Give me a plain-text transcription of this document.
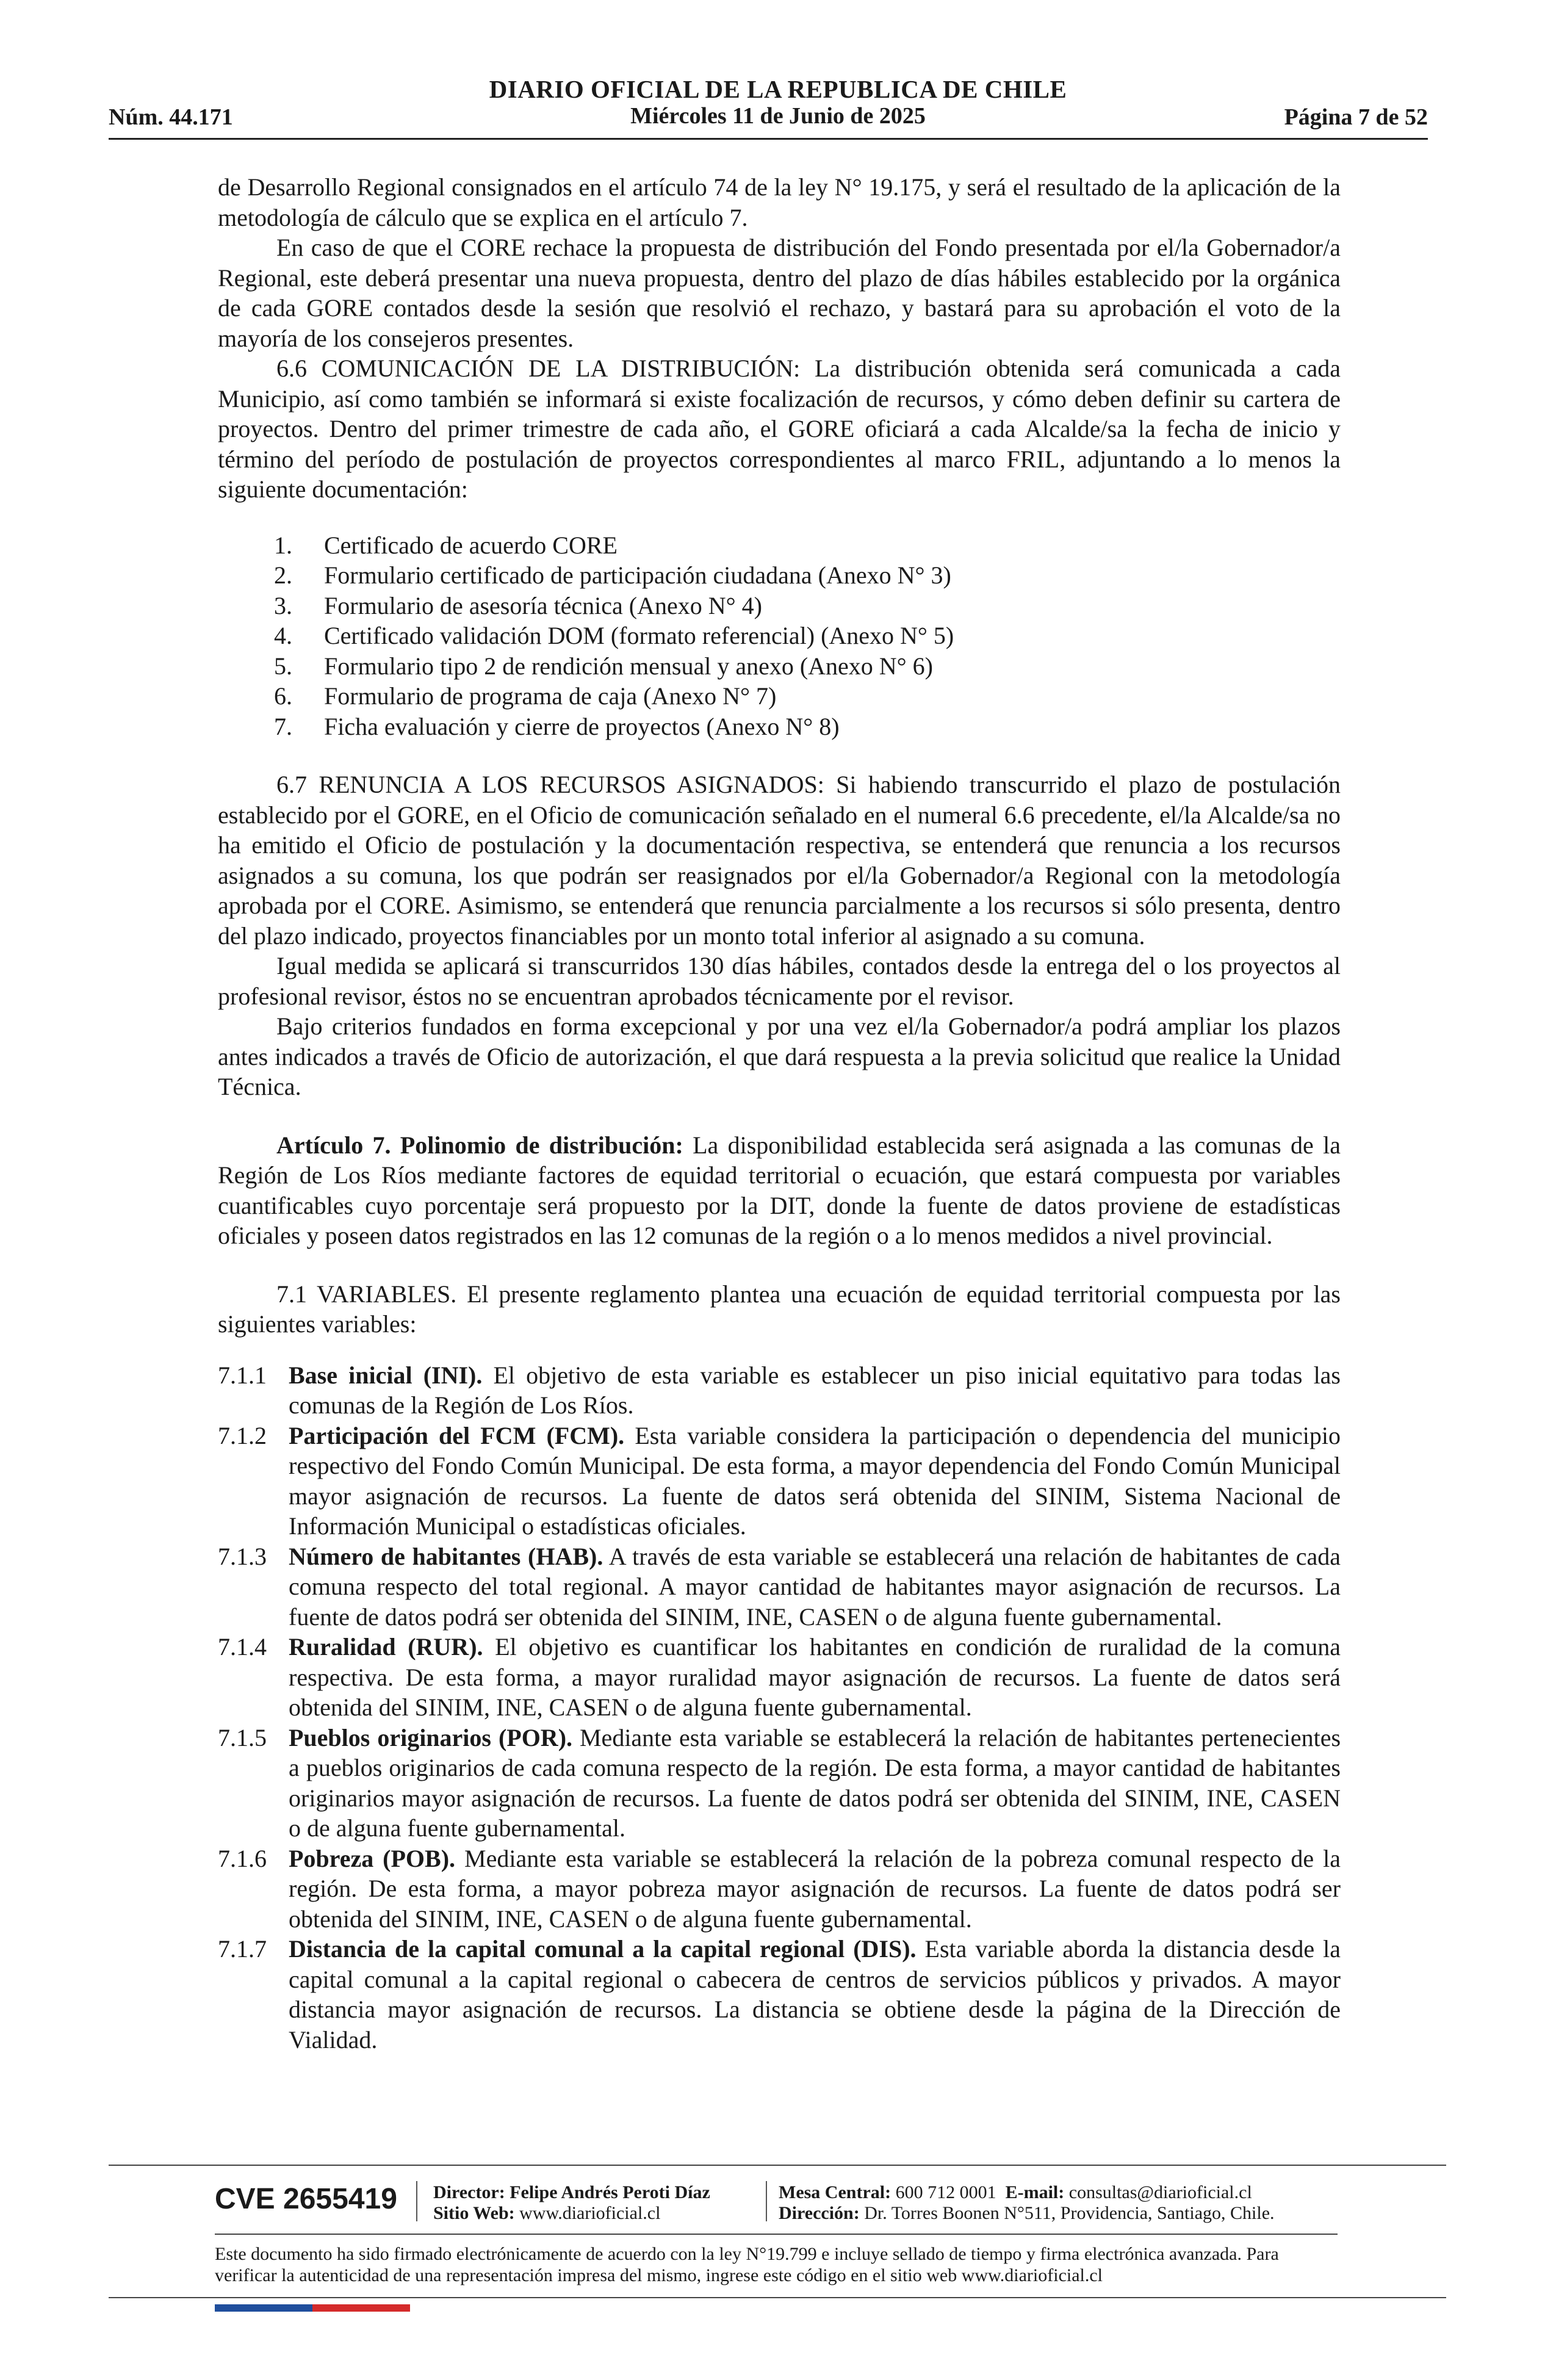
DIARIO OFICIAL DE LA REPUBLICA DE CHILE
Núm. 44.171	Miércoles 11 de Junio de 2025	Página 7 de 52

de Desarrollo Regional consignados en el artículo 74 de la ley N° 19.175, y será el resultado de la aplicación de la metodología de cálculo que se explica en el artículo 7.

En caso de que el CORE rechace la propuesta de distribución del Fondo presentada por el/la Gobernador/a Regional, este deberá presentar una nueva propuesta, dentro del plazo de días hábiles establecido por la orgánica de cada GORE contados desde la sesión que resolvió el rechazo, y bastará para su aprobación el voto de la mayoría de los consejeros presentes.

6.6 COMUNICACIÓN DE LA DISTRIBUCIÓN: La distribución obtenida será comunicada a cada Municipio, así como también se informará si existe focalización de recursos, y cómo deben definir su cartera de proyectos. Dentro del primer trimestre de cada año, el GORE oficiará a cada Alcalde/sa la fecha de inicio y término del período de postulación de proyectos correspondientes al marco FRIL, adjuntando a lo menos la siguiente documentación:

1.	Certificado de acuerdo CORE
2.	Formulario certificado de participación ciudadana (Anexo N° 3)
3.	Formulario de asesoría técnica (Anexo N° 4)
4.	Certificado validación DOM (formato referencial) (Anexo N° 5)
5.	Formulario tipo 2 de rendición mensual y anexo (Anexo N° 6)
6.	Formulario de programa de caja (Anexo N° 7)
7.	Ficha evaluación y cierre de proyectos (Anexo N° 8)

6.7 RENUNCIA A LOS RECURSOS ASIGNADOS: Si habiendo transcurrido el plazo de postulación establecido por el GORE, en el Oficio de comunicación señalado en el numeral 6.6 precedente, el/la Alcalde/sa no ha emitido el Oficio de postulación y la documentación respectiva, se entenderá que renuncia a los recursos asignados a su comuna, los que podrán ser reasignados por el/la Gobernador/a Regional con la metodología aprobada por el CORE. Asimismo, se entenderá que renuncia parcialmente a los recursos si sólo presenta, dentro del plazo indicado, proyectos financiables por un monto total inferior al asignado a su comuna.

Igual medida se aplicará si transcurridos 130 días hábiles, contados desde la entrega del o los proyectos al profesional revisor, éstos no se encuentran aprobados técnicamente por el revisor.

Bajo criterios fundados en forma excepcional y por una vez el/la Gobernador/a podrá ampliar los plazos antes indicados a través de Oficio de autorización, el que dará respuesta a la previa solicitud que realice la Unidad Técnica.

Artículo 7. Polinomio de distribución: La disponibilidad establecida será asignada a las comunas de la Región de Los Ríos mediante factores de equidad territorial o ecuación, que estará compuesta por variables cuantificables cuyo porcentaje será propuesto por la DIT, donde la fuente de datos proviene de estadísticas oficiales y poseen datos registrados en las 12 comunas de la región o a lo menos medidos a nivel provincial.

7.1 VARIABLES. El presente reglamento plantea una ecuación de equidad territorial compuesta por las siguientes variables:

7.1.1 Base inicial (INI). El objetivo de esta variable es establecer un piso inicial equitativo para todas las comunas de la Región de Los Ríos.
7.1.2 Participación del FCM (FCM). Esta variable considera la participación o dependencia del municipio respectivo del Fondo Común Municipal. De esta forma, a mayor dependencia del Fondo Común Municipal mayor asignación de recursos. La fuente de datos será obtenida del SINIM, Sistema Nacional de Información Municipal o estadísticas oficiales.
7.1.3 Número de habitantes (HAB). A través de esta variable se establecerá una relación de habitantes de cada comuna respecto del total regional. A mayor cantidad de habitantes mayor asignación de recursos. La fuente de datos podrá ser obtenida del SINIM, INE, CASEN o de alguna fuente gubernamental.
7.1.4 Ruralidad (RUR). El objetivo es cuantificar los habitantes en condición de ruralidad de la comuna respectiva. De esta forma, a mayor ruralidad mayor asignación de recursos. La fuente de datos será obtenida del SINIM, INE, CASEN o de alguna fuente gubernamental.
7.1.5 Pueblos originarios (POR). Mediante esta variable se establecerá la relación de habitantes pertenecientes a pueblos originarios de cada comuna respecto de la región. De esta forma, a mayor cantidad de habitantes originarios mayor asignación de recursos. La fuente de datos podrá ser obtenida del SINIM, INE, CASEN o de alguna fuente gubernamental.
7.1.6 Pobreza (POB). Mediante esta variable se establecerá la relación de la pobreza comunal respecto de la región. De esta forma, a mayor pobreza mayor asignación de recursos. La fuente de datos podrá ser obtenida del SINIM, INE, CASEN o de alguna fuente gubernamental.
7.1.7 Distancia de la capital comunal a la capital regional (DIS). Esta variable aborda la distancia desde la capital comunal a la capital regional o cabecera de centros de servicios públicos y privados. A mayor distancia mayor asignación de recursos. La distancia se obtiene desde la página de la Dirección de Vialidad.
CVE 2655419 Director: Felipe Andrés Peroti Díaz
Sitio Web: www.diarioficial.cl
Mesa Central: 600 712 0001 E-mail: consultas@diarioficial.cl
Dirección: Dr. Torres Boonen N°511, Providencia, Santiago, Chile.
Este documento ha sido firmado electrónicamente de acuerdo con la ley N°19.799 e incluye sellado de tiempo y firma electrónica avanzada. Para verificar la autenticidad de una representación impresa del mismo, ingrese este código en el sitio web www.diarioficial.cl
